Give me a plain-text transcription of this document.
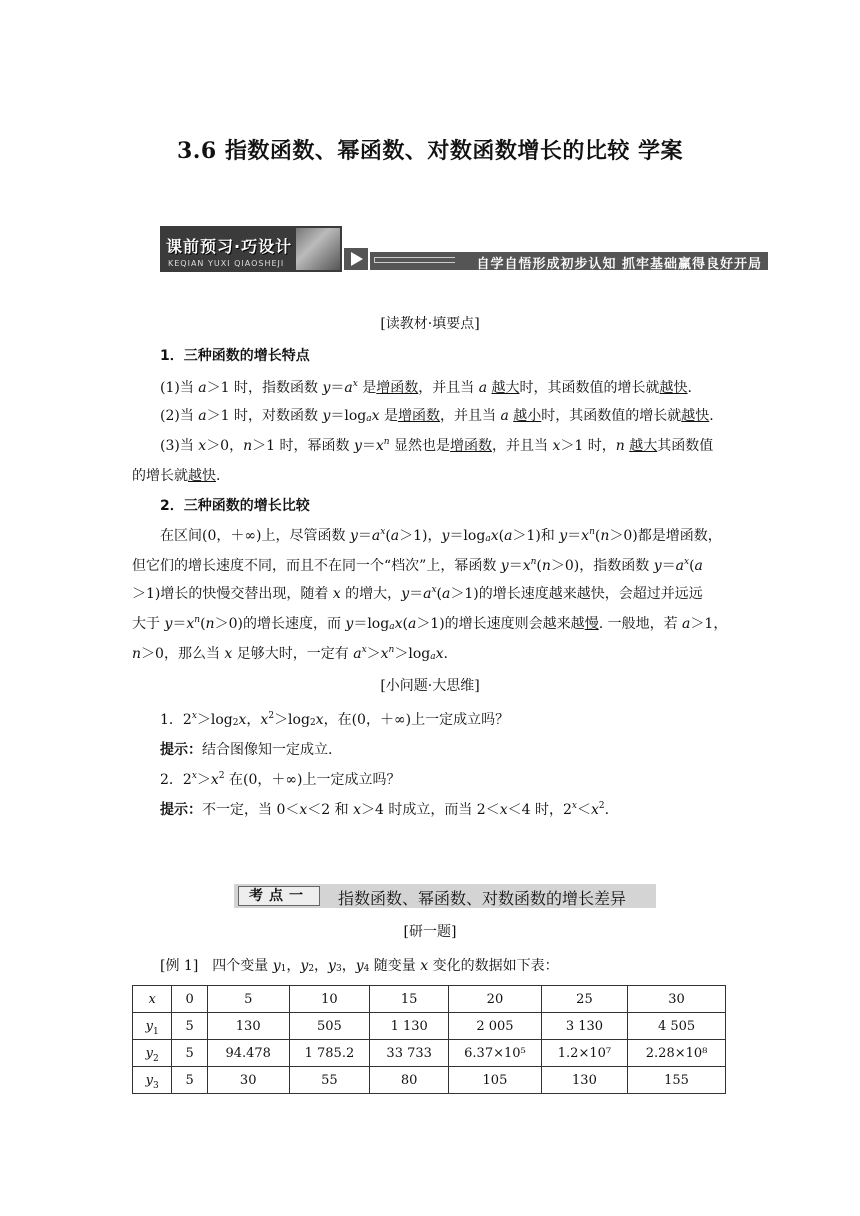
3.6 指数函数、幂函数、对数函数增长的比较 学案
课前预习·巧设计
KEQIAN YUXI QIAOSHEJI	自学自悟形成初步认知 抓牢基础赢得良好开局
[读教材·填要点]
1．三种函数的增长特点
(1)当 a＞1 时，指数函数 $y=a^x$ 是增函数，并且当 a 越大时，其函数值的增长就越快.
(2)当 a＞1 时，对数函数 $y=\log_ax$ 是增函数，并且当 a 越小时，其函数值的增长就越快.
(3)当 x＞0，n＞1 时，幂函数 $y=x^n$ 显然也是增函数，并且当 x＞1 时，n 越大其函数值
的增长就越快.
2．三种函数的增长比较
在区间(0，＋∞)上，尽管函数 $y=a^x(a>1)$，$y=\log_ax(a>1)$和 $y=x^n(n>0)$都是增函数，
但它们的增长速度不同，而且不在同一个“档次”上，幂函数 $y=x^n(n>0)$，指数函数 $y=a^x(a$
＞1)增长的快慢交替出现，随着 x 的增大，$y=a^x(a>1)$的增长速度越来越快，会超过并远远
大于 $y=x^n(n>0)$的增长速度，而 $y=\log_ax(a>1)$的增长速度则会越来越慢. 一般地，若 a＞1，
n＞0，那么当 x 足够大时，一定有 $a^x>x^n>\log_ax$.
[小问题·大思维]
1．$2^x>\log_2x$，$x^2>\log_2x$，在(0，＋∞)上一定成立吗？
提示：结合图像知一定成立.
2．$2^x>x^2$ 在(0，＋∞)上一定成立吗？
提示：不一定，当 0＜x＜2 和 x＞4 时成立，而当 2＜x＜4 时，$2^x<x^2$.
考点一	指数函数、幂函数、对数函数的增长差异
[研一题]
[例 1]　四个变量 $y_1$，$y_2$，$y_3$，$y_4$ 随变量 x 变化的数据如下表：
x	0	5	10	15	20	25	30
$y_1$	5	130	505	1 130	2 005	3 130	4 505
$y_2$	5	94.478	1 785.2	33 733	6.37×10⁵	1.2×10⁷	2.28×10⁸
$y_3$	5	30	55	80	105	130	155
